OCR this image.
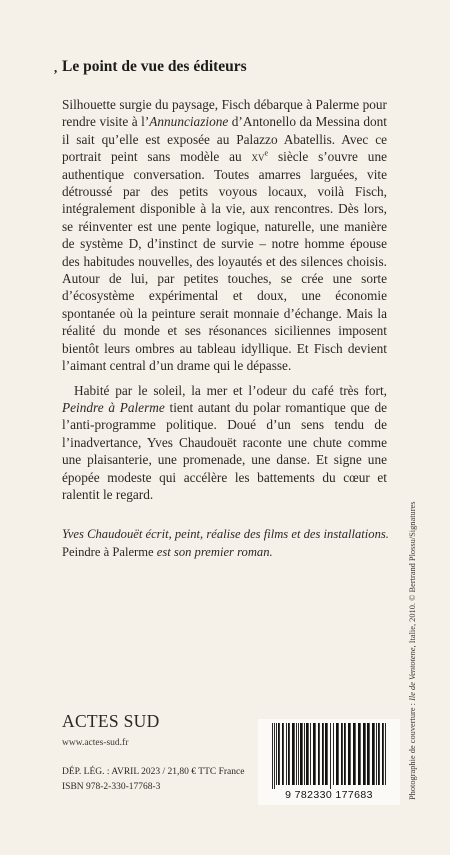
, Le point de vue des éditeurs

Silhouette surgie du paysage, Fisch débarque à Palerme pour rendre visite à l’Annunciazione d’Antonello da Messina dont il sait qu’elle est exposée au Palazzo Abatellis. Avec ce portrait peint sans modèle au $xv^e$ siècle s’ouvre une authentique conversation. Toutes amarres larguées, vite détroussé par des petits voyous locaux, voilà Fisch, intégralement disponible à la vie, aux rencontres. Dès lors, se réinventer est une pente logique, naturelle, une manière de système D, d’instinct de survie – notre homme épouse des habitudes nouvelles, des loyautés et des silences choisis. Autour de lui, par petites touches, se crée une sorte d’écosystème expérimental et doux, une économie spontanée où la peinture serait monnaie d’échange. Mais la réalité du monde et ses résonances siciliennes imposent bientôt leurs ombres au tableau idyllique. Et Fisch devient l’aimant central d’un drame qui le dépasse.

Habité par le soleil, la mer et l’odeur du café très fort, Peindre à Palerme tient autant du polar romantique que de l’anti-programme politique. Doué d’un sens tendu de l’inadvertance, Yves Chaudouët raconte une chute comme une plaisanterie, une promenade, une danse. Et signe une épopée modeste qui accélère les battements du cœur et ralentit le regard.

Yves Chaudouët écrit, peint, réalise des films et des installations.
Peindre à Palerme est son premier roman.
ACTES SUD
www.actes-sud.fr
DÉP. LÉG. : AVRIL 2023 / 21,80 € TTC France
ISBN 978-2-330-17768-3
9 782330 177683	Photographie de couverture : Ile de Ventotene, Italie, 2010. © Bertrand Plossu/Signatures
